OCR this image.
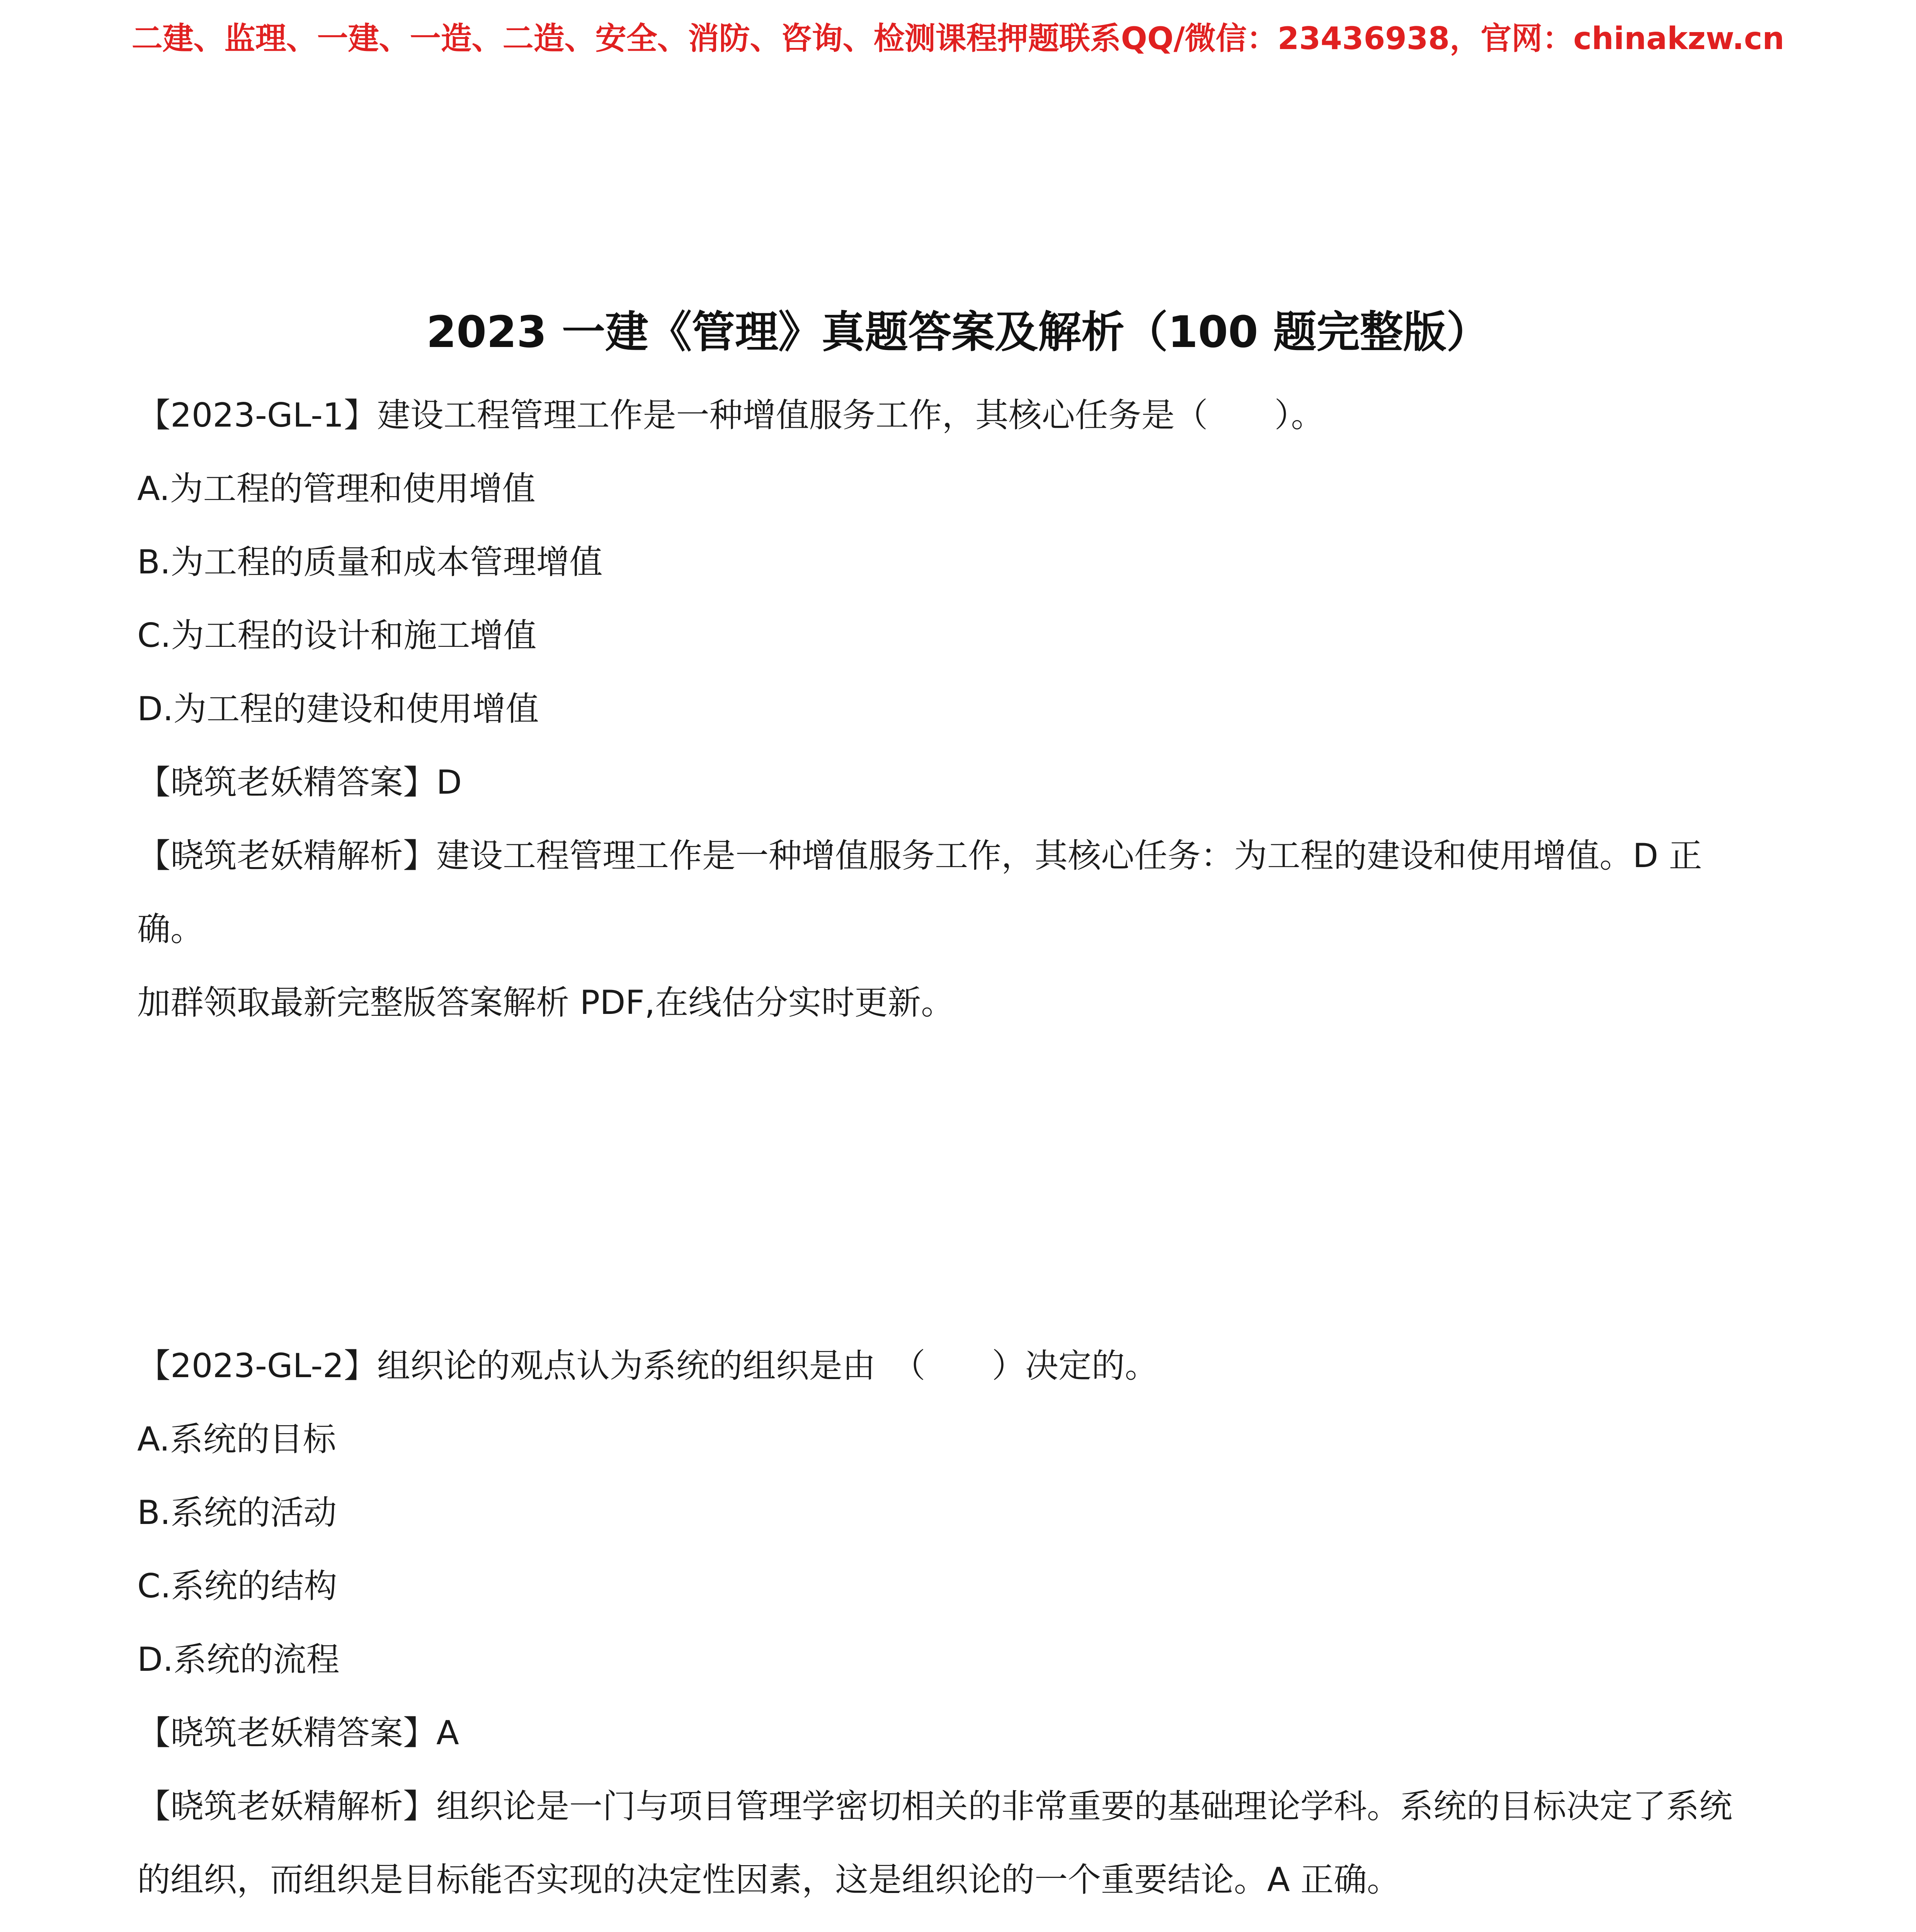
二建、监理、一建、一造、二造、安全、消防、咨询、检测课程押题联系QQ/微信：23436938，官网：chinakzw.cn
2023 一建《管理》真题答案及解析（100 题完整版）
【2023-GL-1】建设工程管理工作是一种增值服务工作，其核心任务是（　　）。
A.为工程的管理和使用增值
B.为工程的质量和成本管理增值
C.为工程的设计和施工增值
D.为工程的建设和使用增值
【晓筑老妖精答案】D
【晓筑老妖精解析】建设工程管理工作是一种增值服务工作，其核心任务：为工程的建设和使用增值。D 正
确。
加群领取最新完整版答案解析 PDF,在线估分实时更新。
【2023-GL-2】组织论的观点认为系统的组织是由　（　　）决定的。
A.系统的目标
B.系统的活动
C.系统的结构
D.系统的流程
【晓筑老妖精答案】A
【晓筑老妖精解析】组织论是一门与项目管理学密切相关的非常重要的基础理论学科。系统的目标决定了系统
的组织，而组织是目标能否实现的决定性因素，这是组织论的一个重要结论。A 正确。
